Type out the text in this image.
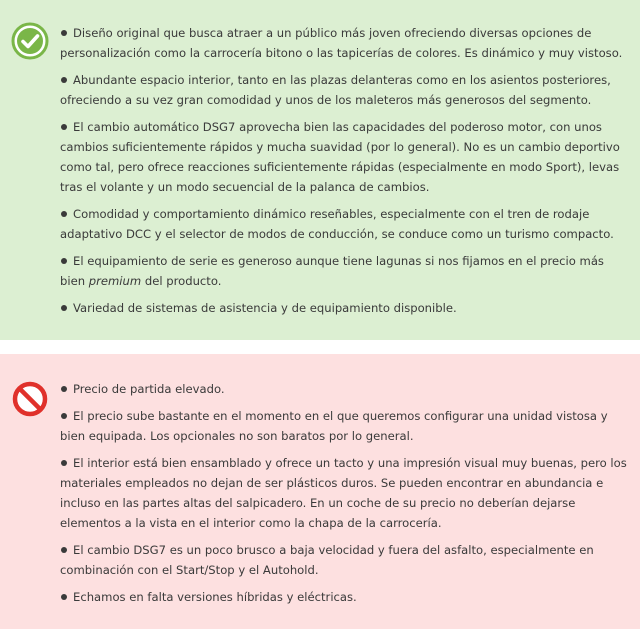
Diseño original que busca atraer a un público más joven ofreciendo diversas opciones de personalización como la carrocería bitono o las tapicerías de colores. Es dinámico y muy vistoso.
Abundante espacio interior, tanto en las plazas delanteras como en los asientos posteriores, ofreciendo a su vez gran comodidad y unos de los maleteros más generosos del segmento.
El cambio automático DSG7 aprovecha bien las capacidades del poderoso motor, con unos cambios suficientemente rápidos y mucha suavidad (por lo general). No es un cambio deportivo como tal, pero ofrece reacciones suficientemente rápidas (especialmente en modo Sport), levas tras el volante y un modo secuencial de la palanca de cambios.
Comodidad y comportamiento dinámico reseñables, especialmente con el tren de rodaje adaptativo DCC y el selector de modos de conducción, se conduce como un turismo compacto.
El equipamiento de serie es generoso aunque tiene lagunas si nos fijamos en el precio más bien premium del producto.
Variedad de sistemas de asistencia y de equipamiento disponible.
Precio de partida elevado.
El precio sube bastante en el momento en el que queremos configurar una unidad vistosa y bien equipada. Los opcionales no son baratos por lo general.
El interior está bien ensamblado y ofrece un tacto y una impresión visual muy buenas, pero los materiales empleados no dejan de ser plásticos duros. Se pueden encontrar en abundancia e incluso en las partes altas del salpicadero. En un coche de su precio no deberían dejarse elementos a la vista en el interior como la chapa de la carrocería.
El cambio DSG7 es un poco brusco a baja velocidad y fuera del asfalto, especialmente en combinación con el Start/Stop y el Autohold.
Echamos en falta versiones híbridas y eléctricas.
